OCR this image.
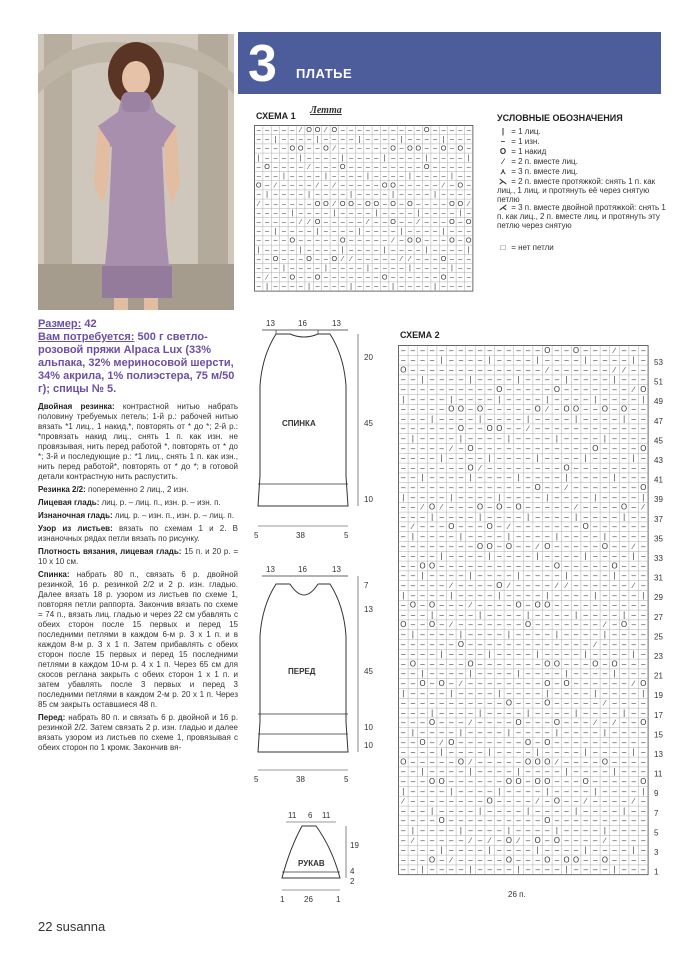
3 ПЛАТЬЕ
СХЕМА 1 Летта
– – – – – ∕ O O ∕ O – – – – – – – – – – O – – – – –
– – | – – – – | – – – – | – – – – | – – – – | – – –
– – – – O O – – O ∕ – – – – – – O – O O – – O – O –
| – – – – | – – – – | – – – – | – – – – | – – – – |
– O – – – – ∕ – – – O – – – – – – – – – O – – – – –
– – – | – – – – | – – – – | – – – – | – – – – | – –
O – ∕ – – – – ∕ – ∕ – – – – – O O – – – – – ∕ – O –
– | – – – – | – – – – | – – – – | – – – – | – – – –
∕ – – – – – – O O ∕ O O – O O – O – O – – – – O O ∕
– – – – | – – – – | – – – – | – – – – | – – – – | –
– – – – – ∕ ∕ O – – – – – ∕ – – O – – ∕ – – – O – O
– – | – – – – | – – – – | – – – – | – – – – | – – –
– – – – O – – – – – O – – – – – ∕ – O O – – – O – O
| – – – – | – – – – | – – – – | – – – – | – – – – |
– – O – – – O – – O ∕ ∕ – – – – – ∕ ∕ – – – O – – –
– – – | – – – – | – – – – | – – – – | – – – – | – –
– ∕ – – O – – O – – – – – – – O – – – – – – O – – –
– | – – – – | – – – – | – – – – | – – – – | – – – –
УСЛОВНЫЕ ОБОЗНАЧЕНИЯ
| = 1 лиц.
– = 1 изн.
O = 1 накид
∕ = 2 п. вместе лиц.
⋏ = 3 п. вместе лиц.
⋋ = 2 п. вместе протяжкой: снять 1 п. как лиц., 1 лиц. и протянуть её через снятую петлю
⋌ = 3 п. вместе двойной протяжкой: снять 1 п. как лиц., 2 п. вместе лиц. и протянуть эту петлю через снятую
□ = нет петли
Размер: 42
Вам потребуется: 500 г светло-розовой пряжи Alpaca Lux (33% альпака, 32% мериносовой шерсти, 34% акрила, 1% полиэстера, 75 м/50 г); спицы № 5.

Двойная резинка: контрастной нитью набрать половину требуемых петель; 1-й р.: рабочей нитью вязать *1 лиц., 1 накид,*, повторять от * до *; 2-й р.: *провязать накид лиц., снять 1 п. как изн. не провязывая, нить перед работой *, повторять от * до *; 3-й и последующие р.: *1 лиц., снять 1 п. как изн., нить перед работой*, повторять от * до *; в готовой детали контрастную нить распустить.

Резинка 2/2: попеременно 2 лиц., 2 изн.

Лицевая гладь: лиц. р. – лиц. п., изн. р. – изн. п.

Изнаночная гладь: лиц. р. – изн. п., изн. р. – лиц. п.

Узор из листьев: вязать по схемам 1 и 2. В изнаночных рядах петли вязать по рисунку.

Плотность вязания, лицевая гладь: 15 п. и 20 р. = 10 x 10 см.

Спинка: набрать 80 п., связать 6 р. двойной резинкой, 16 р. резинкой 2/2 и 2 р. изн. гладью. Далее вязать 18 р. узором из листьев по схеме 1, повторяя петли раппорта. Закончив вязать по схеме = 74 п., вязать лиц. гладью и через 22 см убавлять с обеих сторон после 15 первых и перед 15 последними петлями в каждом 6-м р. 3 x 1 п. и в каждом 8-м р. 3 x 1 п. Затем прибавлять с обеих сторон после 15 первых и перед 15 последними петлями в каждом 10-м р. 4 x 1 п. Через 65 см для скосов реглана закрыть с обеих сторон 1 x 1 п. и затем убавлять после 3 первых и перед 3 последними петлями в каждом 2-м р. 20 x 1 п. Через 85 см закрыть оставшиеся 48 п.

Перед: набрать 80 п. и связать 6 р. двойной и 16 р. резинкой 2/2. Затем связать 2 р. изн. гладью и далее вязать узором из листьев по схеме 1, провязывая с обеих сторон по 1 кромк. Закончив вя-

13	16	13
СПИНКА
20
45
10
5	38	5
13	16	13
ПЕРЕД
7
13
45
10
10
5	38	5
11 6 11
РУКАВ
19
4
2
1 26	1
СХЕМА 2
– – – – – – – – – – – – – – – O – – O – – – ∕ – – –
– – – – | – – – – | – – – – | – – – – | – – – – | –
O – – – – – – – – – – – – – – ∕ – – – – – – ∕ ∕ – –
– – | – – – – | – – – – | – – – – | – – – – | – – –
– – – – – – – – – – O – – – – – O – – – – – – – ∕ O
| – – – – | – – – – | – – – – | – – – – | – – – – |
– – – – – O O – O – – – – – O ∕ – O O – – O – O – –
– – – | – – – – | – – – – | – – – – | – – – – | – –
– – – – – – O – – O O – – ∕ – – – – – – – – – – – –
– | – – – – | – – – – | – – – – | – – – – | – – – –
– – – – – ∕ – O – – – – – – – – – – – – O – – – – O
– – – – | – – – – | – – – – | – – – – | – – – – | –
– – – – – – – O ∕ – – – – – – – – O – – – – – – – –
– – | – – – – | – – – – | – – – – | – – – – | – – –
– – – – – – – – – – – – – – O – – ∕ – – – – – – – O
| – – – – | – – – – | – – – – | – – – – | – – – – |
– – ∕ O ∕ – – – O – O – O – – – – – ∕ – – – – O – ∕
– – – | – – – – | – – – – | – – – – | – – – – | – –
– ∕ – – – O – – – O – ∕ – – – – – – – O – – – – – –
– | – – – – | – – – – | – – – – | – – – – | – – – –
– – – – – – – – O O – O – – ∕ O – – – – – O – – ∕ –
– – – – | – – – – | – – – – | – – – – | – – – – | –
– – O O – – – – – – – – – – – – O – – – – – O – – –
– – | – – – – | – – – – | – – – – | – – – – | – – –
– – – – – ∕ – – – – O ∕ – – – – ∕ ∕ – – – – – – ∕ –
| – – – – | – – – – | – – – – | – – – – | – – – – |
– O – O – – – ∕ – – – – O – O O – – – – – – – – – –
– – – | – – – – | – – – – | – – – – | – – – – | – –
O – – O – ∕ – – – – – – – O – – – – – – – ∕ – O – –
– | – – – – | – – – – | – – – – | – – – – | – – – –
– – – – – – O – – – – – – – – – – – – – ∕ – – – – –
– – – – | – – – – | – – – – | – – – – | – – – – | –
– O – – – – – O – – – – – – – O O – – – O – O – – –
– – | – – – – | – – – – | – – – – | – – – – | – – –
– – O – O – ∕ – – – – – – – – O – O – – – – – – ∕ O
| – – – – | – – – – | – – – – | – – – – | – – – – |
– – – – – – – – – – – O – – – O – – – – – ∕ – – – –
– – – | – – – – | – – – – | – – – – | – – – – | – –
– – – O – – – ∕ – – – – O – – – O – – – ∕ – ∕ – – O
– | – – – – | – – – – | – – – – | – – – – | – – – –
– – O – ∕ O – – – – – – – O – O – – – – – – – – – –
– – – – | – – – – | – – – – | – – – – | – – – – | –
O – – – – – O ∕ – – – – – O O O ∕ – – – – O – – – –
– – | – – – – | – – – – | – – – – | – – – – | – – –
– – – O O – – – – – – O O – O O – – – O – – – – – O
| – – – – | – – – – | – – – – | – – – – | – – – – |
∕ – – – – – – – – O – – – – ∕ – O – – ∕ – – – – ∕ –
– – – | – – – – | – – – – | – – – – | – – – – | – –
– – – – O – – – – – – – – – – O – – – – – – – – – –
– | – – – – | – – – – | – – – – | – – – – | – – – –
– ∕ – – – – – ∕ – ∕ – O ∕ – O – O – – – – ∕ – – – –
– – – – | – – – – | – – – – | – – – – | – – – – | –
– – – O – ∕ – – – – – O – – – O – O O – – O – – – –
– – | – – – – | – – – – | – – – – | – – – – | – – –
53
51
49
47
45
43
41
39
37
35
33
31
29
27
25
23
21
19
17
15
13
11
9
7
5
3
1
26 п.
22 susanna
